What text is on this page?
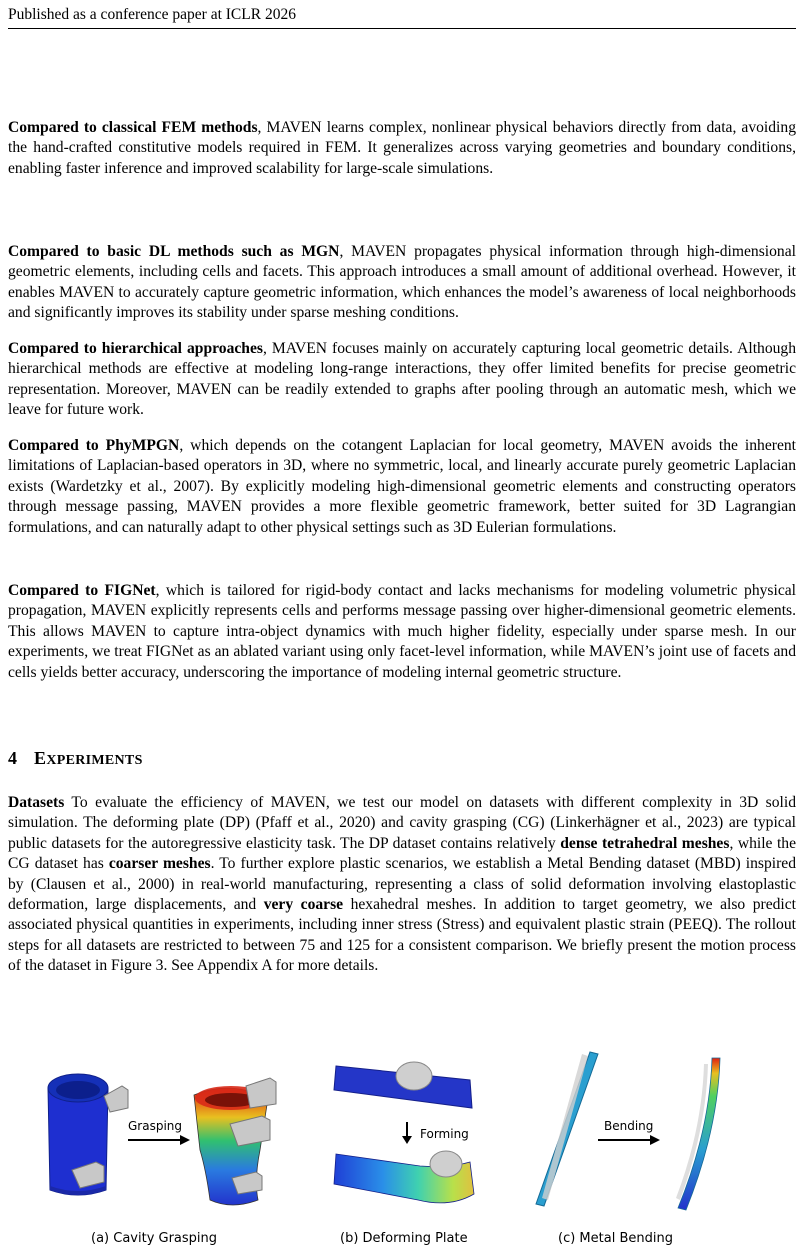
Published as a conference paper at ICLR 2026

Compared to classical FEM methods, MAVEN learns complex, nonlinear physical behaviors directly from data, avoiding the hand-crafted constitutive models required in FEM. It generalizes across varying geometries and boundary conditions, enabling faster inference and improved scalability for large-scale simulations.

Compared to basic DL methods such as MGN, MAVEN propagates physical information through high-dimensional geometric elements, including cells and facets. This approach introduces a small amount of additional overhead. However, it enables MAVEN to accurately capture geometric information, which enhances the model’s awareness of local neighborhoods and significantly improves its stability under sparse meshing conditions.

Compared to hierarchical approaches, MAVEN focuses mainly on accurately capturing local geometric details. Although hierarchical methods are effective at modeling long-range interactions, they offer limited benefits for precise geometric representation. Moreover, MAVEN can be readily extended to graphs after pooling through an automatic mesh, which we leave for future work.

Compared to PhyMPGN, which depends on the cotangent Laplacian for local geometry, MAVEN avoids the inherent limitations of Laplacian-based operators in 3D, where no symmetric, local, and linearly accurate purely geometric Laplacian exists (Wardetzky et al., 2007). By explicitly modeling high-dimensional geometric elements and constructing operators through message passing, MAVEN provides a more flexible geometric framework, better suited for 3D Lagrangian formulations, and can naturally adapt to other physical settings such as 3D Eulerian formulations.

Compared to FIGNet, which is tailored for rigid-body contact and lacks mechanisms for modeling volumetric physical propagation, MAVEN explicitly represents cells and performs message passing over higher-dimensional geometric elements. This allows MAVEN to capture intra-object dynamics with much higher fidelity, especially under sparse mesh. In our experiments, we treat FIGNet as an ablated variant using only facet-level information, while MAVEN’s joint use of facets and cells yields better accuracy, underscoring the importance of modeling internal geometric structure.

4 EXPERIMENTS

Datasets To evaluate the efficiency of MAVEN, we test our model on datasets with different complexity in 3D solid simulation. The deforming plate (DP) (Pfaff et al., 2020) and cavity grasping (CG) (Linkerhägner et al., 2023) are typical public datasets for the autoregressive elasticity task. The DP dataset contains relatively dense tetrahedral meshes, while the CG dataset has coarser meshes. To further explore plastic scenarios, we establish a Metal Bending dataset (MBD) inspired by (Clausen et al., 2000) in real-world manufacturing, representing a class of solid deformation involving elastoplastic deformation, large displacements, and very coarse hexahedral meshes. In addition to target geometry, we also predict associated physical quantities in experiments, including inner stress (Stress) and equivalent plastic strain (PEEQ). The rollout steps for all datasets are restricted to between 75 and 125 for a consistent comparison. We briefly present the motion process of the dataset in Figure 3. See Appendix A for more details.

Grasping
Forming
Bending
(a) Cavity Grasping	(b) Deforming Plate	(c) Metal Bending
